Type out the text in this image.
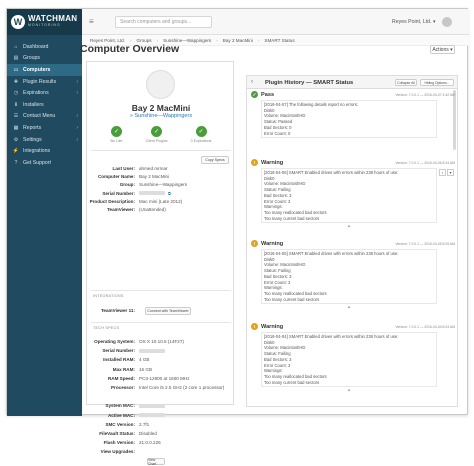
W WATCHMAN
MONITORING
⌂ Dashboard
▤ Groups
▭ Computers
✚ Plugin Results	›
◷ Expirations	›
⬇ Installers
☰ Contact Menu	›
▦ Reports	›
⚙ Settings	›
⚡ Integrations
?	Get Support
≡	Search computers and groups...	Reyes Point, Ltd. ▾
Reyes Point, Ltd. › Groups › Sunshine—Wappingers › Bay 2 MacMini › SMART Status
Computer Overview	Actions ▾
Bay 2 MacMini
» Sunshine—Wappingers
✓
Be Like
✓
Client Plugins
✓
0 Expirations
Copy Specs
Last User: ahmed.mrmar
Computer Name: Bay 2 MacMini
Group: Sunshine—Wappingers
Serial Number:	⧉
Product Description: Mac mini (Late 2012)
TeamViewer: (Unattended)
INTEGRATIONS
TeamViewer 11:	Connect with TeamViewer
TECH SPECS
Operating System: OS X 10.10.5 (14F27)
Serial Number:
Installed RAM: 4 GB
Max RAM: 16 GB
RAM Speed: PC3-12800 at 1600 MHz
Processor: Intel Core i5 2.5 GHz (2 core 1 processor)
System MAC:
Active MAC:
SMC Version: 2.7f1
FileVault Status: Disabled
Flash Version: 21.0.0.226
View Upgrades:
View Chart
‹ Plugin History — SMART Status	Collapse All	Hiding Options...
✓ Pass	Version: 7.0.0.1 — 2016-04-07 4:42 AM
[2016-04-07] The following details report no errors:
Disk0
Volume: MacintoshHD
Status: Passed
Bad Sectors: 0
Error Count: 0
!	Warning	Version: 7.0.0.1 — 2016-04-06 8:24 AM
[2016-04-06] SMART Enabled drives with errors within 238 hours of use:
Disk0
Volume: MacintoshHD
Status: Failing
Bad Sectors: 3
Error Count: 3
Warnings:
Too many reallocated bad sectors
Too many current bad sectors
i	▾
▲
!	Warning	Version: 7.0.0.1 — 2016-04-05 8:25 AM
[2016-04-05] SMART Enabled drives with errors within 238 hours of use:
Disk0
Volume: MacintoshHD
Status: Failing
Bad Sectors: 3
Error Count: 3
Warnings:
Too many reallocated bad sectors
Too many current bad sectors
▲
!	Warning	Version: 7.0.0.1 — 2016-04-04 8:24 AM
[2016-04-04] SMART Enabled drives with errors within 238 hours of use:
Disk0
Volume: MacintoshHD
Status: Failing
Bad Sectors: 3
Error Count: 3
Warnings:
Too many reallocated bad sectors
Too many current bad sectors
▲
